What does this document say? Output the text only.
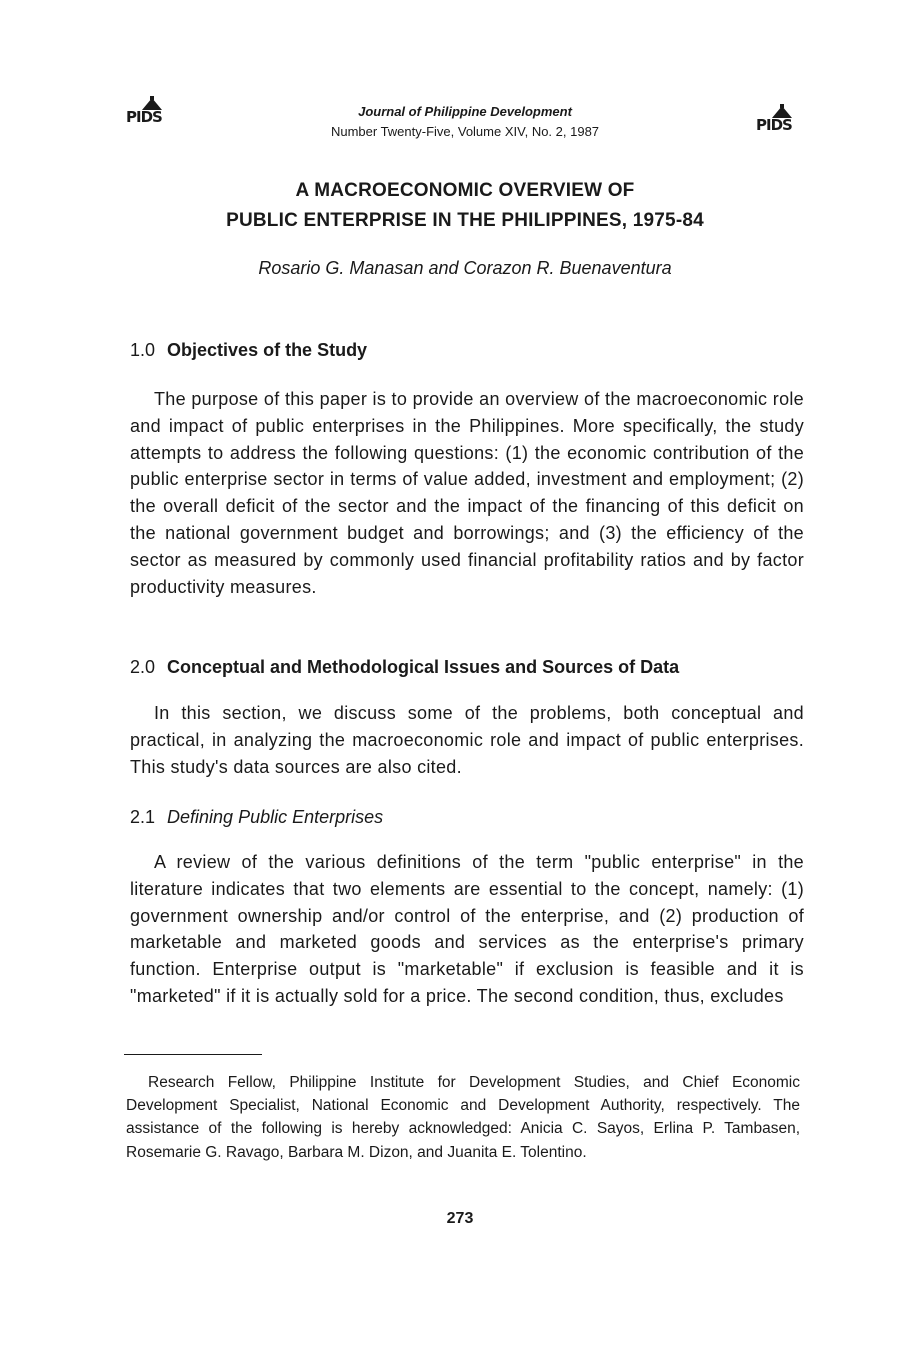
PIDS	PIDS
Journal of Philippine Development
Number Twenty-Five, Volume XIV, No. 2, 1987
A MACROECONOMIC OVERVIEW OF
PUBLIC ENTERPRISE IN THE PHILIPPINES, 1975-84
Rosario G. Manasan and Corazon R. Buenaventura
1.0 Objectives of the Study

The purpose of this paper is to provide an overview of the macroeconomic role and impact of public enterprises in the Philippines. More specifically, the study attempts to address the following questions: (1) the economic contribution of the public enterprise sector in terms of value added, investment and employment; (2) the overall deficit of the sector and the impact of the financing of this deficit on the national government budget and borrowings; and (3) the efficiency of the sector as measured by commonly used financial profitability ratios and by factor productivity measures.

2.0 Conceptual and Methodological Issues and Sources of Data

In this section, we discuss some of the problems, both conceptual and practical, in analyzing the macroeconomic role and impact of public enterprises. This study's data sources are also cited.

2.1 Defining Public Enterprises

A review of the various definitions of the term "public enterprise" in the literature indicates that two elements are essential to the concept, namely: (1) government ownership and/or control of the enterprise, and (2) production of marketable and marketed goods and services as the enterprise's primary function. Enterprise output is "marketable" if exclusion is feasible and it is "marketed" if it is actually sold for a price. The second condition, thus, excludes

Research Fellow, Philippine Institute for Development Studies, and Chief Economic Development Specialist, National Economic and Development Authority, respectively. The assistance of the following is hereby acknowledged: Anicia C. Sayos, Erlina P. Tambasen, Rosemarie G. Ravago, Barbara M. Dizon, and Juanita E. Tolentino.

273
